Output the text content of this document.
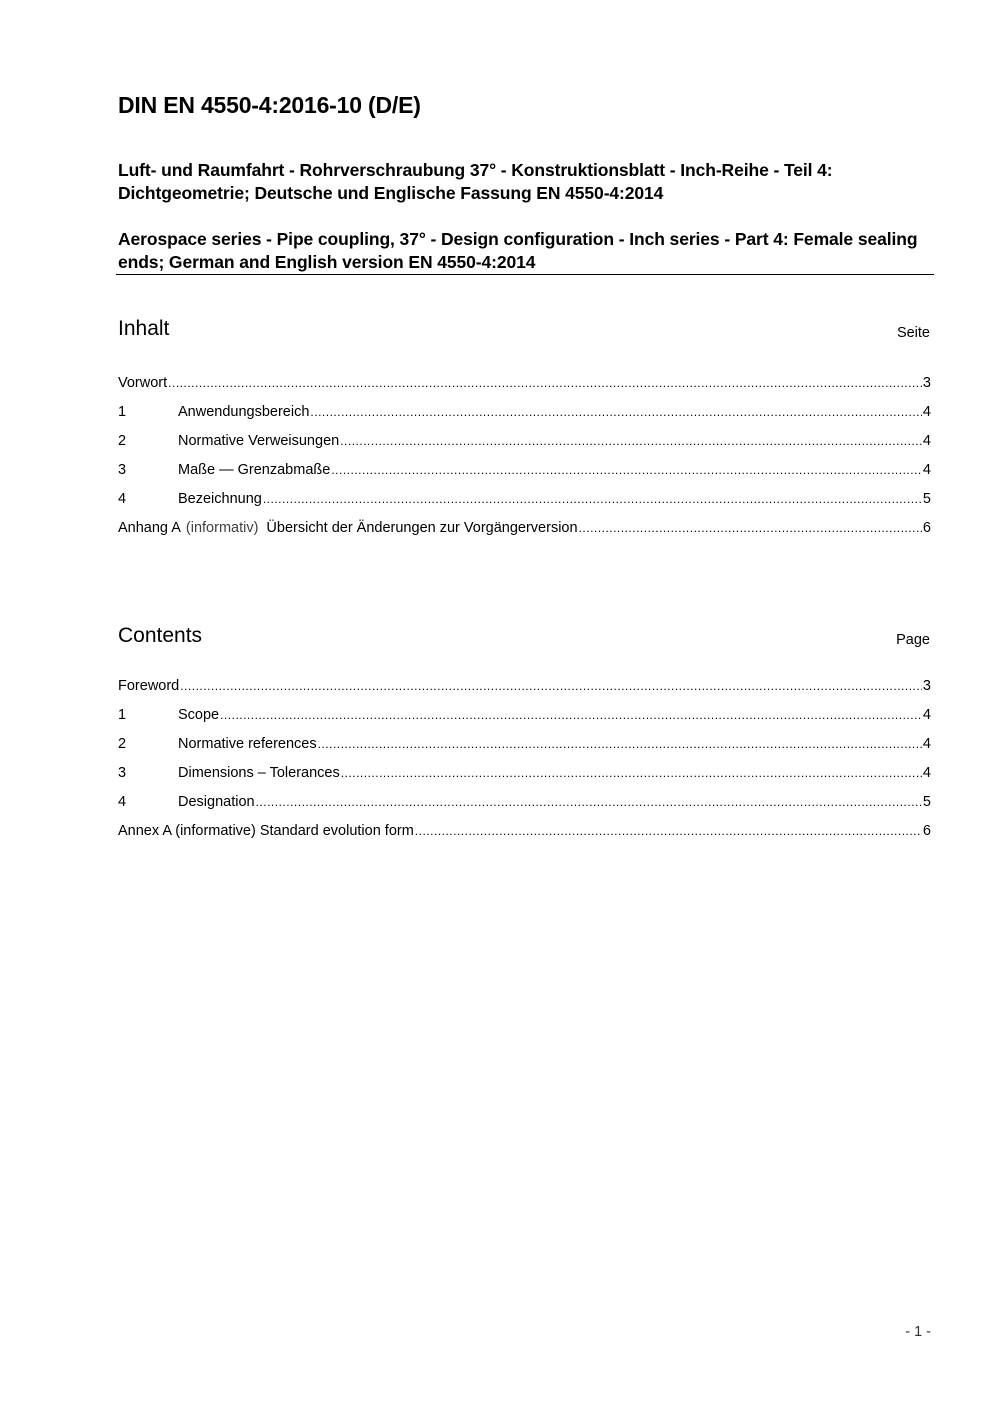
DIN EN 4550-4:2016-10 (D/E)

Luft- und Raumfahrt - Rohrverschraubung 37° - Konstruktionsblatt - Inch-Reihe - Teil 4: Dichtgeometrie; Deutsche und Englische Fassung EN 4550-4:2014

Aerospace series - Pipe coupling, 37° - Design configuration - Inch series - Part 4: Female sealing ends; German and English version EN 4550-4:2014

Inhalt	Seite
Vorwort .....	3
1	Anwendungsbereich .....	4
2	Normative Verweisungen .....	4
3	Maße — Grenzabmaße .....	4
4	Bezeichnung .....	5
Anhang A (informativ) Übersicht der Änderungen zur Vorgängerversion .....	6
Contents	Page
Foreword .....	3
1	Scope .....	4
2	Normative references .....	4
3	Dimensions – Tolerances .....	4
4	Designation .....	5
Annex A (informative) Standard evolution form .....	6
- 1 -
